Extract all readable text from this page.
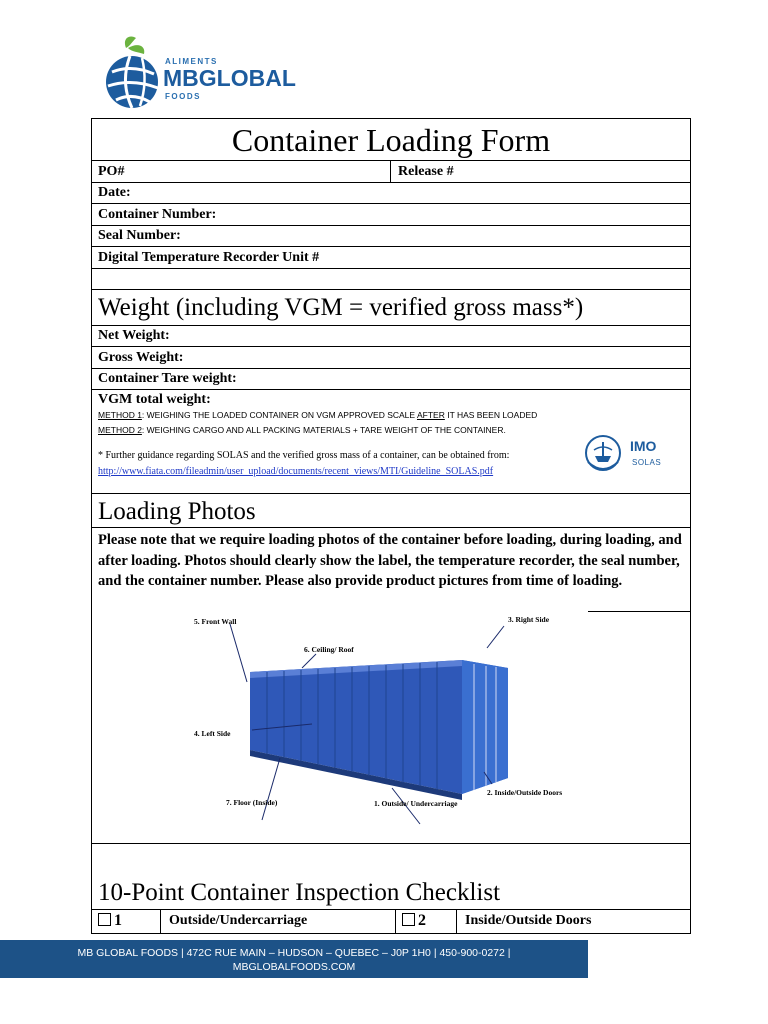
ALIMENTS
MBGLOBAL
FOODS
Container Loading Form
PO#	Release #
Date:
Container Number:
Seal Number:
Digital Temperature Recorder Unit #
Weight (including VGM = verified gross mass*)
Net Weight:
Gross Weight:
Container Tare weight:
VGM total weight:
METHOD 1: WEIGHING THE LOADED CONTAINER ON VGM APPROVED SCALE AFTER IT HAS BEEN LOADED
METHOD 2: WEIGHING CARGO AND ALL PACKING MATERIALS + TARE WEIGHT OF THE CONTAINER.
* Further guidance regarding SOLAS and the verified gross mass of a container, can be obtained from:
http://www.fiata.com/fileadmin/user_upload/documents/recent_views/MTI/Guideline_SOLAS.pdf
IMO
SOLAS
Loading Photos
Please note that we require loading photos of the container before loading, during loading, and after loading. Photos should clearly show the label, the temperature recorder, the seal number, and the container number. Please also provide product pictures from time of loading.
5. Front Wall	3. Right Side
6. Ceiling/ Roof
4. Left Side
2. Inside/Outside Doors
7. Floor (Inside)	1. Outside/ Undercarriage
10-Point Container Inspection Checklist
1	Outside/Undercarriage	2	Inside/Outside Doors
MB GLOBAL FOODS | 472C RUE MAIN – HUDSON – QUEBEC – J0P 1H0 | 450-900-0272 |
MBGLOBALFOODS.COM
